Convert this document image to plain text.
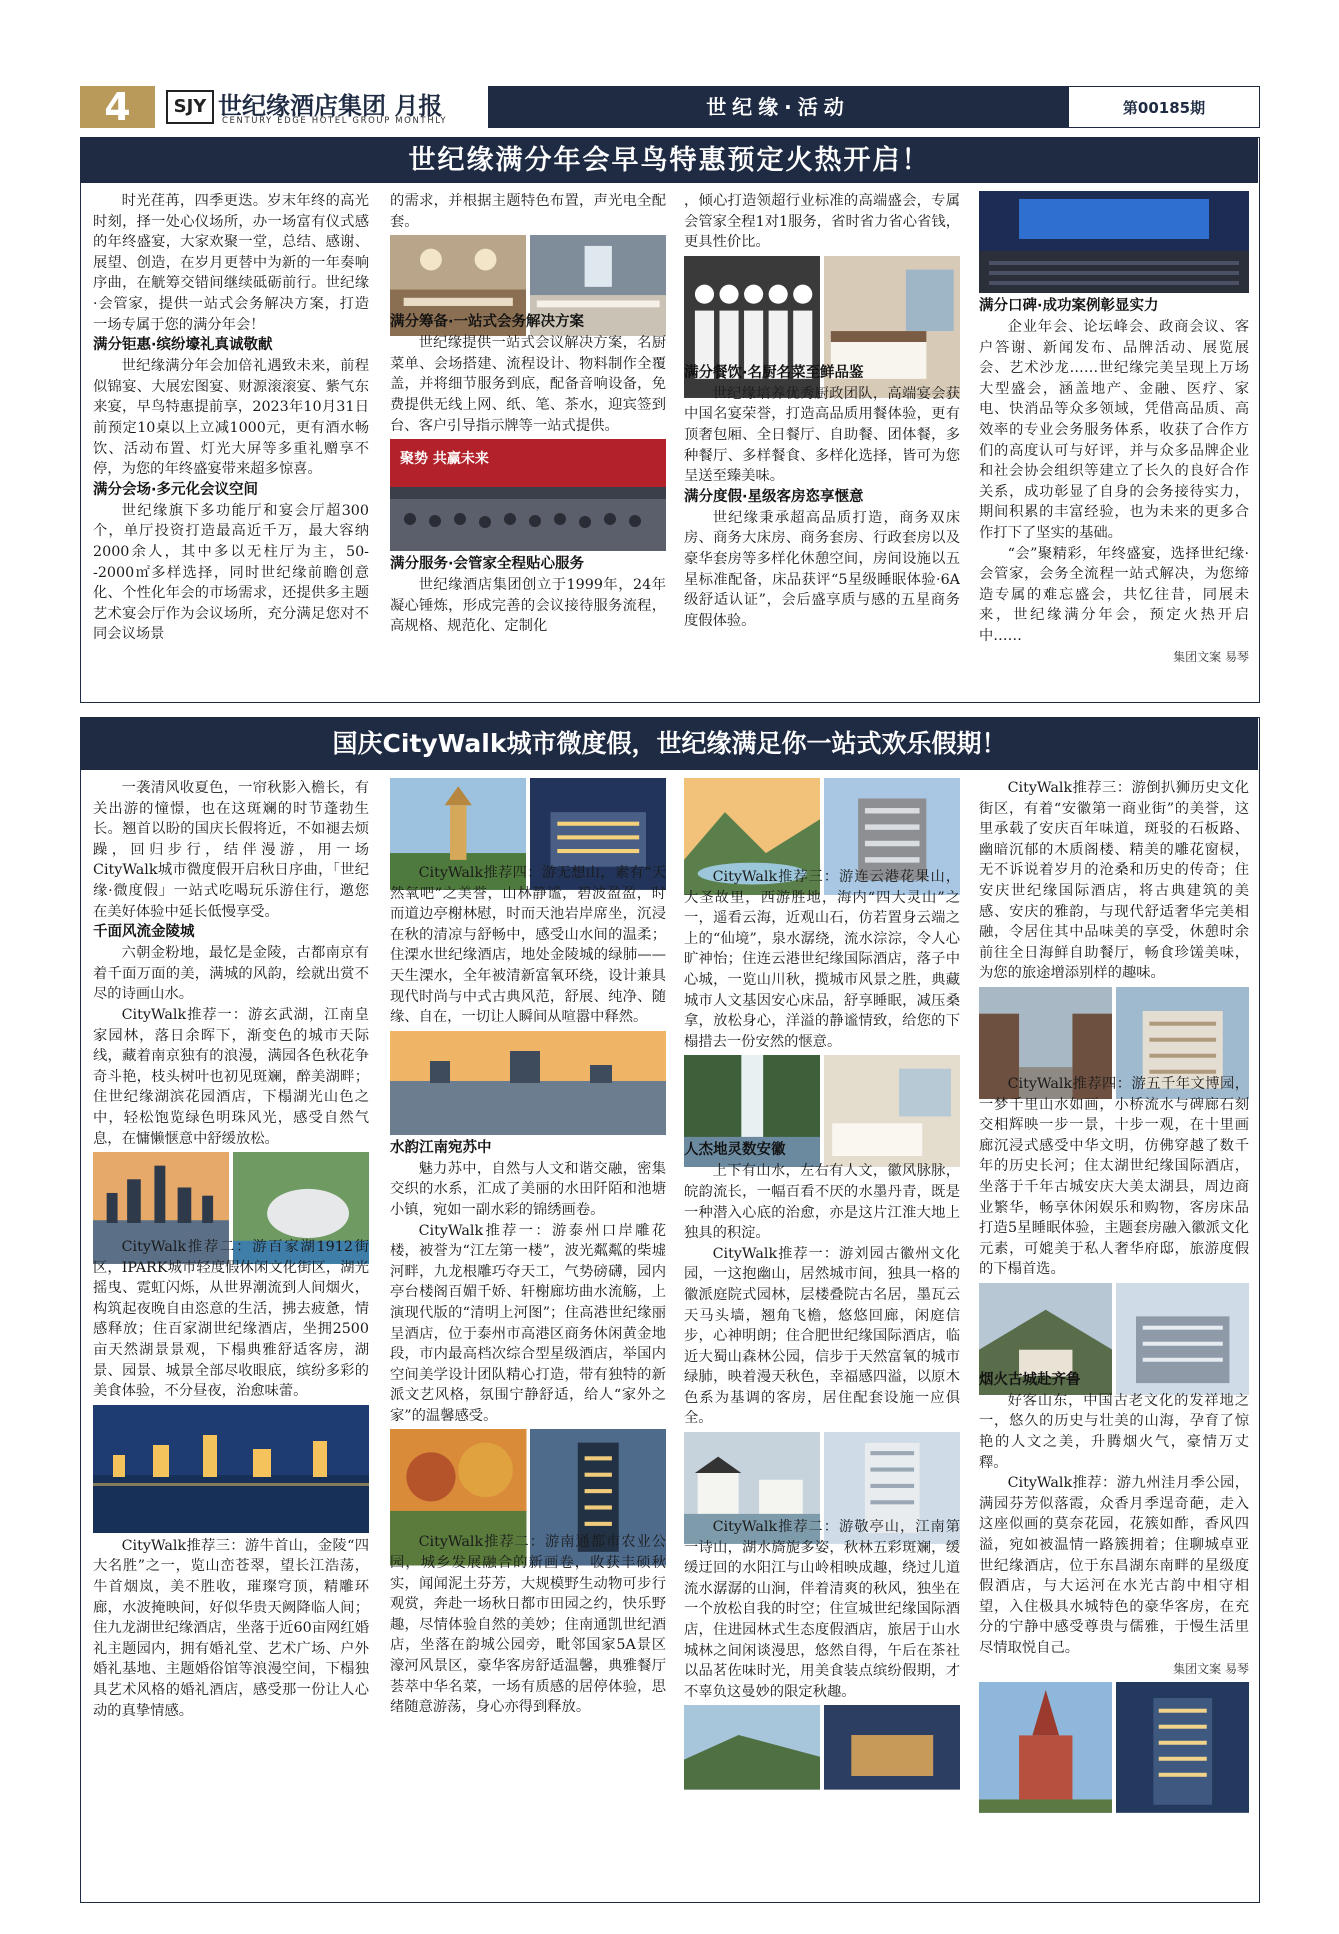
4	SJY 世纪缘酒店集团 月报
CENTURY EDGE HOTEL GROUP MONTHLY
世纪缘·活动	第00185期
世纪缘满分年会早鸟特惠预定火热开启！

时光荏苒，四季更迭。岁末年终的高光时刻，择一处心仪场所，办一场富有仪式感的年终盛宴，大家欢聚一堂，总结、感谢、展望、创造，在岁月更替中为新的一年奏响序曲，在觥筹交错间继续砥砺前行。世纪缘·会管家，提供一站式会务解决方案，打造一场专属于您的满分年会！

满分钜惠·缤纷壕礼真诚敬献

世纪缘满分年会加倍礼遇致未来，前程似锦宴、大展宏图宴、财源滚滚宴、紫气东来宴，早鸟特惠提前享，2023年10月31日前预定10桌以上立减1000元，更有酒水畅饮、活动布置、灯光大屏等多重礼赠享不停，为您的年终盛宴带来超多惊喜。

满分会场·多元化会议空间

世纪缘旗下多功能厅和宴会厅超300个，单厅投资打造最高近千万，最大容纳2000余人，其中多以无柱厅为主，50--2000㎡多样选择，同时世纪缘前瞻创意化、个性化年会的市场需求，还提供多主题艺术宴会厅作为会议场所，充分满足您对不同会议场景

的需求，并根据主题特色布置，声光电全配套。

满分筹备·一站式会务解决方案

世纪缘提供一站式会议解决方案，名厨菜单、会场搭建、流程设计、物料制作全覆盖，并将细节服务到底，配备音响设备，免费提供无线上网、纸、笔、茶水，迎宾签到台、客户引导指示牌等一站式提供。

聚势 共赢未来

满分服务·会管家全程贴心服务

世纪缘酒店集团创立于1999年，24年凝心锤炼，形成完善的会议接待服务流程，高规格、规范化、定制化

，倾心打造领超行业标准的高端盛会，专属会管家全程1对1服务，省时省力省心省钱，更具性价比。

满分餐饮·名厨名菜至鲜品鉴

世纪缘培养优秀厨政团队，高端宴会获中国名宴荣誉，打造高品质用餐体验，更有顶奢包厢、全日餐厅、自助餐、团体餐，多种餐厅、多样餐食、多样化选择，皆可为您呈送至臻美味。

满分度假·星级客房恣享惬意

世纪缘秉承超高品质打造，商务双床房、商务大床房、商务套房、行政套房以及豪华套房等多样化休憩空间，房间设施以五星标准配备，床品获评“5星级睡眠体验·6A级舒适认证”，会后盛享质与感的五星商务度假体验。

满分口碑·成功案例彰显实力

企业年会、论坛峰会、政商会议、客户答谢、新闻发布、品牌活动、展览展会、艺术沙龙……世纪缘完美呈现上万场大型盛会，涵盖地产、金融、医疗、家电、快消品等众多领域，凭借高品质、高效率的专业会务服务体系，收获了合作方们的高度认可与好评，并与众多品牌企业和社会协会组织等建立了长久的良好合作关系，成功彰显了自身的会务接待实力，期间积累的丰富经验，也为未来的更多合作打下了坚实的基础。

“会”聚精彩，年终盛宴，选择世纪缘·会管家，会务全流程一站式解决，为您缔造专属的难忘盛会，共忆往昔，同展未来，世纪缘满分年会，预定火热开启中……

集团文案 易琴

国庆CityWalk城市微度假，世纪缘满足你一站式欢乐假期！

一袭清风收夏色，一帘秋影入檐长，有关出游的憧憬，也在这斑斓的时节蓬勃生长。翘首以盼的国庆长假将近，不如褪去烦躁，回归步行，结伴漫游，用一场CityWalk城市微度假开启秋日序曲，「世纪缘·微度假」一站式吃喝玩乐游住行，邀您在美好体验中延长低慢享受。

千面风流金陵城

六朝金粉地，最忆是金陵，古都南京有着千面万面的美，满城的风韵，绘就出赏不尽的诗画山水。

CityWalk推荐一：游玄武湖，江南皇家园林，落日余晖下，渐变色的城市天际线，藏着南京独有的浪漫，满园各色秋花争奇斗艳，枝头树叶也初见斑斓，醉美湖畔；住世纪缘湖滨花园酒店，下榻湖光山色之中，轻松饱览绿色明珠风光，感受自然气息，在慵懒惬意中舒缓放松。

CityWalk推荐二：游百家湖1912街区，IPARK城市轻度假休闲文化街区，湖光摇曳、霓虹闪烁，从世界潮流到人间烟火，构筑起夜晚自由恣意的生活，拂去疲惫，情感释放；住百家湖世纪缘酒店，坐拥2500亩天然湖景景观，下榻典雅舒适客房，湖景、园景、城景全部尽收眼底，缤纷多彩的美食体验，不分昼夜，治愈味蕾。

CityWalk推荐三：游牛首山，金陵“四大名胜”之一，览山峦苍翠，望长江浩荡，牛首烟岚，美不胜收，璀璨穹顶，精雕环廊，水波掩映间，好似华贵天阙降临人间；住九龙湖世纪缘酒店，坐落于近60亩网红婚礼主题园内，拥有婚礼堂、艺术广场、户外婚礼基地、主题婚俗馆等浪漫空间，下榻独具艺术风格的婚礼酒店，感受那一份让人心动的真挚情感。

CityWalk推荐四：游无想山，素有“天然氧吧”之美誉，山林静谧，碧波盈盈，时而道边亭榭林慰，时而天池岩岸席坐，沉浸在秋的清凉与舒畅中，感受山水间的温柔；住溧水世纪缘酒店，地处金陵城的绿肺——天生溧水，全年被清新富氧环绕，设计兼具现代时尚与中式古典风范，舒展、纯净、随缘、自在，一切让人瞬间从喧嚣中释然。

水韵江南宛苏中

魅力苏中，自然与人文和谐交融，密集交织的水系，汇成了美丽的水田阡陌和池塘小镇，宛如一副水彩的锦绣画卷。

CityWalk推荐一：游泰州口岸雕花楼，被誉为“江左第一楼”，波光粼粼的柴墟河畔，九龙根雕巧夺天工，气势磅礴，园内亭台楼阁百媚千娇、轩榭廊坊曲水流觞，上演现代版的“清明上河图”；住高港世纪缘丽呈酒店，位于泰州市高港区商务休闲黄金地段，市内最高档次综合型星级酒店，举国内空间美学设计团队精心打造，带有独特的新派文艺风格，氛围宁静舒适，给人“家外之家”的温馨感受。

CityWalk推荐二：游南通都市农业公园，城乡发展融合的新画卷，收获丰硕秋实，闻闻泥土芬芳，大规模野生动物可步行观赏，奔赴一场秋日都市田园之约，快乐野趣，尽情体验自然的美妙；住南通凯世纪酒店，坐落在韵城公园旁，毗邻国家5A景区濠河风景区，豪华客房舒适温馨，典雅餐厅荟萃中华名菜，一场有质感的居停体验，思绪随意游荡，身心亦得到释放。

CityWalk推荐三：游连云港花果山，大圣故里，西游胜地，海内“四大灵山”之一，遥看云海，近观山石，仿若置身云端之上的“仙境”，泉水潺绕，流水淙淙，令人心旷神怡；住连云港世纪缘国际酒店，落子中心城，一览山川秋，揽城市风景之胜，典藏城市人文基因安心床品，舒享睡眠，减压桑拿，放松身心，洋溢的静谧情致，给您的下榻措去一份安然的惬意。

人杰地灵数安徽

上下有山水，左右有人文，徽风脉脉，皖韵流长，一幅百看不厌的水墨丹青，既是一种潜入心底的治愈，亦是这片江淮大地上独具的积淀。

CityWalk推荐一：游刘园古徽州文化园，一这抱幽山，居然城市间，独具一格的徽派庭院式园林，层楼叠院古名居，墨瓦云天马头墙，翘角飞檐，悠悠回廊，闲庭信步，心神明朗；住合肥世纪缘国际酒店，临近大蜀山森林公园，信步于天然富氧的城市绿肺，映着漫天秋色，幸福感四溢，以原木色系为基调的客房，居住配套设施一应俱全。

CityWalk推荐二：游敬亭山，江南第一诗山，湖水旖旎多姿，秋林五彩斑斓，缓缓迂回的水阳江与山岭相映成趣，绕过儿道流水潺潺的山涧，伴着清爽的秋风，独坐在一个放松自我的时空；住宣城世纪缘国际酒店，住进园林式生态度假酒店，旅居于山水城林之间闲谈漫思，悠然自得，午后在茶社以品茗佐味时光，用美食装点缤纷假期，才不辜负这曼妙的限定秋趣。

CityWalk推荐三：游倒扒狮历史文化街区，有着“安徽第一商业街”的美誉，这里承载了安庆百年味道，斑驳的石板路、幽暗沉郁的木质阁楼、精美的雕花窗棂，无不诉说着岁月的沧桑和历史的传奇；住安庆世纪缘国际酒店，将古典建筑的美感、安庆的雅韵，与现代舒适奢华完美相融，令居住其中品味美的享受，休憩时余前往全日海鲜自助餐厅，畅食珍馐美味，为您的旅途增添别样的趣味。

CityWalk推荐四：游五千年文博园，一梦千里山水如画，小桥流水与碑廊石刻交相辉映一步一景，十步一观，在十里画廊沉浸式感受中华文明，仿佛穿越了数千年的历史长河；住太湖世纪缘国际酒店，坐落于千年古城安庆大美太湖县，周边商业繁华，畅享休闲娱乐和购物，客房床品打造5星睡眠体验，主题套房融入徽派文化元素，可媲美于私人奢华府邸，旅游度假的下榻首选。

烟火古城赴齐鲁

好客山东，中国古老文化的发祥地之一，悠久的历史与壮美的山海，孕育了惊艳的人文之美，升腾烟火气，豪情万丈釋。

CityWalk推荐：游九州洼月季公园，满园芬芳似落霞，众香月季逞奇葩，走入这座似画的莫奈花园，花簇如酢，香风四溢，宛如被温情一路簇拥着；住聊城卓亚世纪缘酒店，位于东昌湖东南畔的星级度假酒店，与大运河在水光古韵中相守相望，入住极具水城特色的豪华客房，在充分的宁静中感受尊贵与儒雅，于慢生活里尽情取悦自己。

集团文案 易琴
